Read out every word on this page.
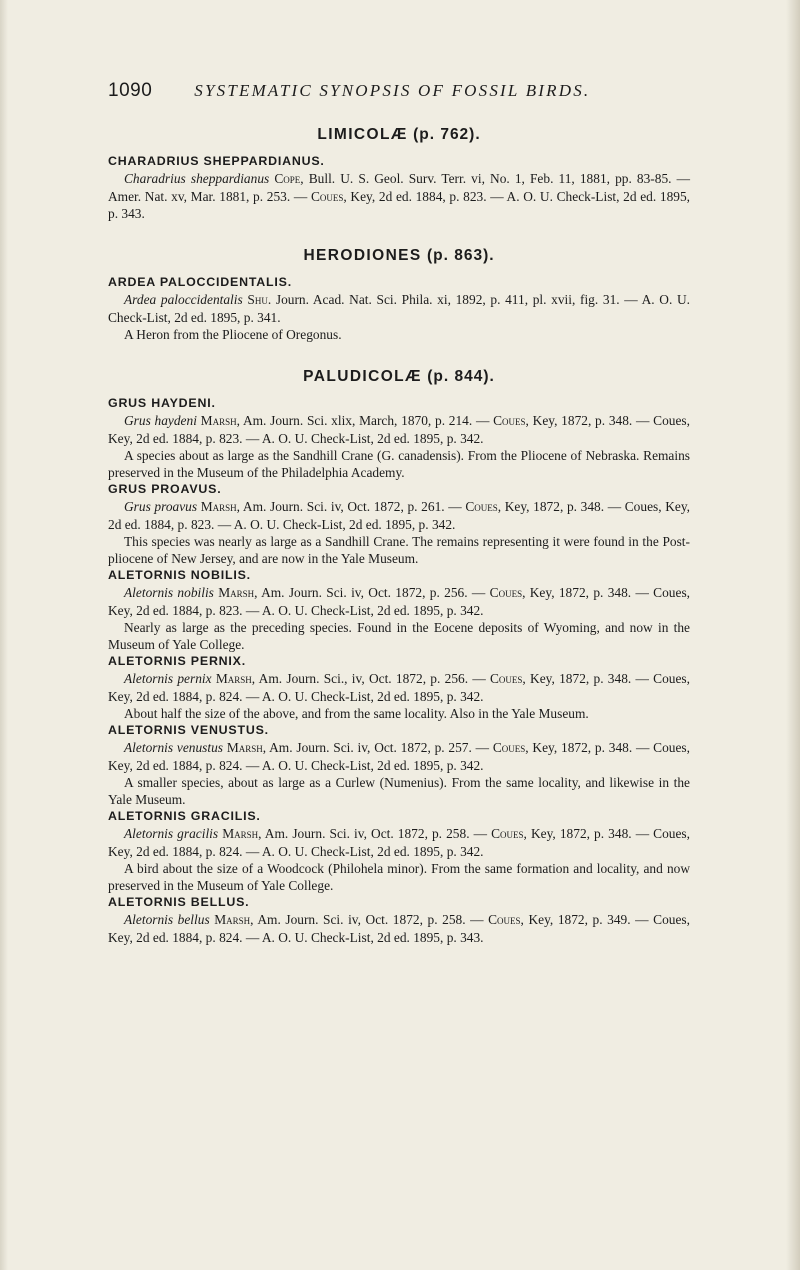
1090 SYSTEMATIC SYNOPSIS OF FOSSIL BIRDS.
LIMICOLÆ (p. 762).
CHARADRIUS SHEPPARDIANUS.

Charadrius sheppardianus Cope, Bull. U. S. Geol. Surv. Terr. vi, No. 1, Feb. 11, 1881, pp. 83-85. — Amer. Nat. xv, Mar. 1881, p. 253. — Coues, Key, 2d ed. 1884, p. 823. — A. O. U. Check-List, 2d ed. 1895, p. 343.

HERODIONES (p. 863).
ARDEA PALOCCIDENTALIS.

Ardea paloccidentalis Shu. Journ. Acad. Nat. Sci. Phila. xi, 1892, p. 411, pl. xvii, fig. 31. — A. O. U. Check-List, 2d ed. 1895, p. 341.

A Heron from the Pliocene of Oregonus.

PALUDICOLÆ (p. 844).
GRUS HAYDENI.

Grus haydeni Marsh, Am. Journ. Sci. xlix, March, 1870, p. 214. — Coues, Key, 1872, p. 348. — Coues, Key, 2d ed. 1884, p. 823. — A. O. U. Check-List, 2d ed. 1895, p. 342.

A species about as large as the Sandhill Crane (G. canadensis). From the Pliocene of Nebraska. Remains preserved in the Museum of the Philadelphia Academy.

GRUS PROAVUS.

Grus proavus Marsh, Am. Journ. Sci. iv, Oct. 1872, p. 261. — Coues, Key, 1872, p. 348. — Coues, Key, 2d ed. 1884, p. 823. — A. O. U. Check-List, 2d ed. 1895, p. 342.

This species was nearly as large as a Sandhill Crane. The remains representing it were found in the Post-pliocene of New Jersey, and are now in the Yale Museum.

ALETORNIS NOBILIS.

Aletornis nobilis Marsh, Am. Journ. Sci. iv, Oct. 1872, p. 256. — Coues, Key, 1872, p. 348. — Coues, Key, 2d ed. 1884, p. 823. — A. O. U. Check-List, 2d ed. 1895, p. 342.

Nearly as large as the preceding species. Found in the Eocene deposits of Wyoming, and now in the Museum of Yale College.

ALETORNIS PERNIX.

Aletornis pernix Marsh, Am. Journ. Sci., iv, Oct. 1872, p. 256. — Coues, Key, 1872, p. 348. — Coues, Key, 2d ed. 1884, p. 824. — A. O. U. Check-List, 2d ed. 1895, p. 342.

About half the size of the above, and from the same locality. Also in the Yale Museum.

ALETORNIS VENUSTUS.

Aletornis venustus Marsh, Am. Journ. Sci. iv, Oct. 1872, p. 257. — Coues, Key, 1872, p. 348. — Coues, Key, 2d ed. 1884, p. 824. — A. O. U. Check-List, 2d ed. 1895, p. 342.

A smaller species, about as large as a Curlew (Numenius). From the same locality, and likewise in the Yale Museum.

ALETORNIS GRACILIS.

Aletornis gracilis Marsh, Am. Journ. Sci. iv, Oct. 1872, p. 258. — Coues, Key, 1872, p. 348. — Coues, Key, 2d ed. 1884, p. 824. — A. O. U. Check-List, 2d ed. 1895, p. 342.

A bird about the size of a Woodcock (Philohela minor). From the same formation and locality, and now preserved in the Museum of Yale College.

ALETORNIS BELLUS.

Aletornis bellus Marsh, Am. Journ. Sci. iv, Oct. 1872, p. 258. — Coues, Key, 1872, p. 349. — Coues, Key, 2d ed. 1884, p. 824. — A. O. U. Check-List, 2d ed. 1895, p. 343.
